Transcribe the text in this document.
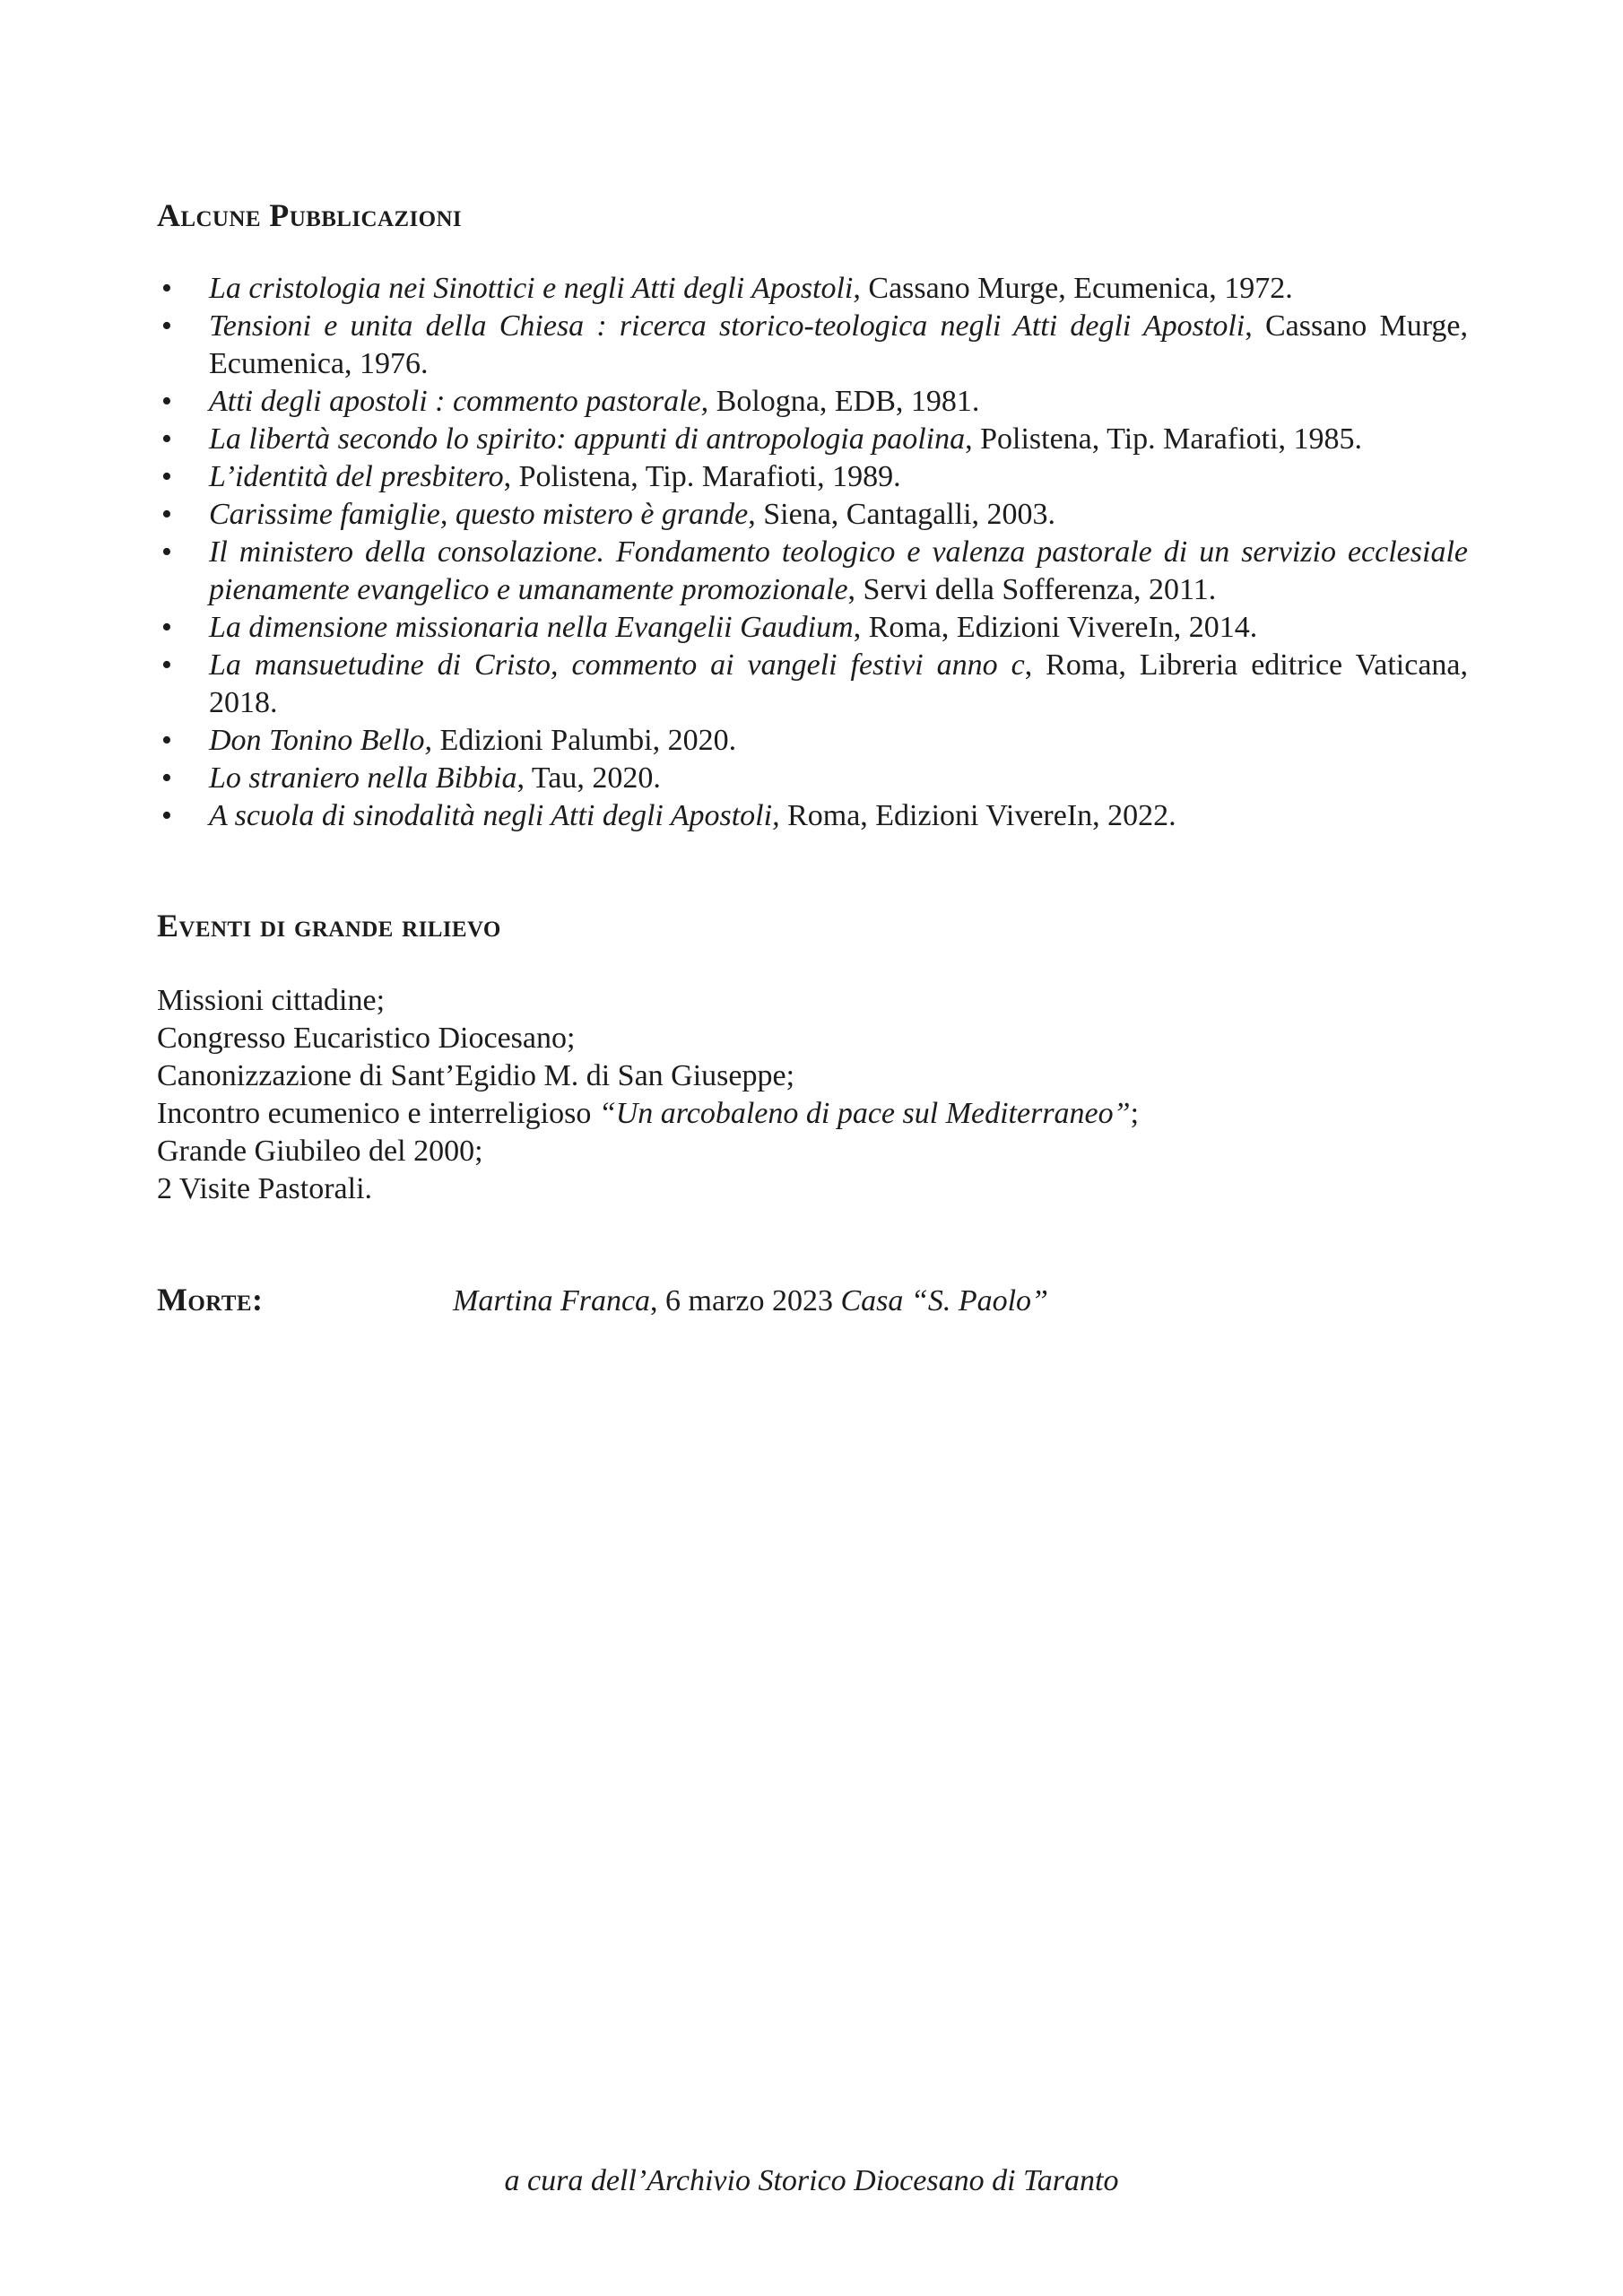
Alcune Pubblicazioni
• La cristologia nei Sinottici e negli Atti degli Apostoli, Cassano Murge, Ecumenica, 1972.
• Tensioni e unita della Chiesa : ricerca storico-teologica negli Atti degli Apostoli, Cassano Murge, Ecumenica, 1976.
• Atti degli apostoli : commento pastorale, Bologna, EDB, 1981.
• La libertà secondo lo spirito: appunti di antropologia paolina, Polistena, Tip. Marafioti, 1985.
• L’identità del presbitero, Polistena, Tip. Marafioti, 1989.
• Carissime famiglie, questo mistero è grande, Siena, Cantagalli, 2003.
• Il ministero della consolazione. Fondamento teologico e valenza pastorale di un servizio ecclesiale pienamente evangelico e umanamente promozionale, Servi della Sofferenza, 2011.
• La dimensione missionaria nella Evangelii Gaudium, Roma, Edizioni VivereIn, 2014.
• La mansuetudine di Cristo, commento ai vangeli festivi anno c, Roma, Libreria editrice Vaticana, 2018.
• Don Tonino Bello, Edizioni Palumbi, 2020.
• Lo straniero nella Bibbia, Tau, 2020.
• A scuola di sinodalità negli Atti degli Apostoli, Roma, Edizioni VivereIn, 2022.
Eventi di grande rilievo
Missioni cittadine;
Congresso Eucaristico Diocesano;
Canonizzazione di Sant’Egidio M. di San Giuseppe;
Incontro ecumenico e interreligioso “Un arcobaleno di pace sul Mediterraneo”;
Grande Giubileo del 2000;
2 Visite Pastorali.
Morte:	Martina Franca, 6 marzo 2023 Casa “S. Paolo”
a cura dell’Archivio Storico Diocesano di Taranto
